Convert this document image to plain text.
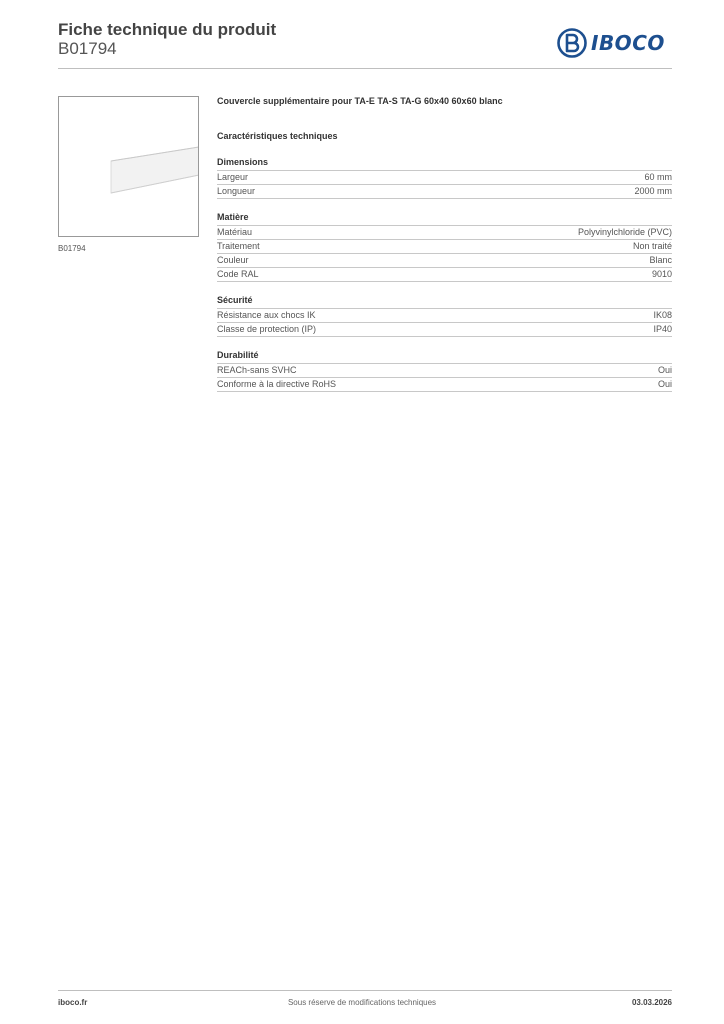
Fiche technique du produit
B01794	IBOCO
B01794
Couvercle supplémentaire pour TA-E TA-S TA-G 60x40 60x60 blanc
Caractéristiques techniques
Dimensions
Largeur	60 mm
Longueur	2000 mm
Matière
Matériau	Polyvinylchloride (PVC)
Traitement	Non traité
Couleur	Blanc
Code RAL	9010
Sécurité
Résistance aux chocs IK	IK08
Classe de protection (IP)	IP40
Durabilité
REACh-sans SVHC	Oui
Conforme à la directive RoHS	Oui
iboco.fr	Sous réserve de modifications techniques	03.03.2026
